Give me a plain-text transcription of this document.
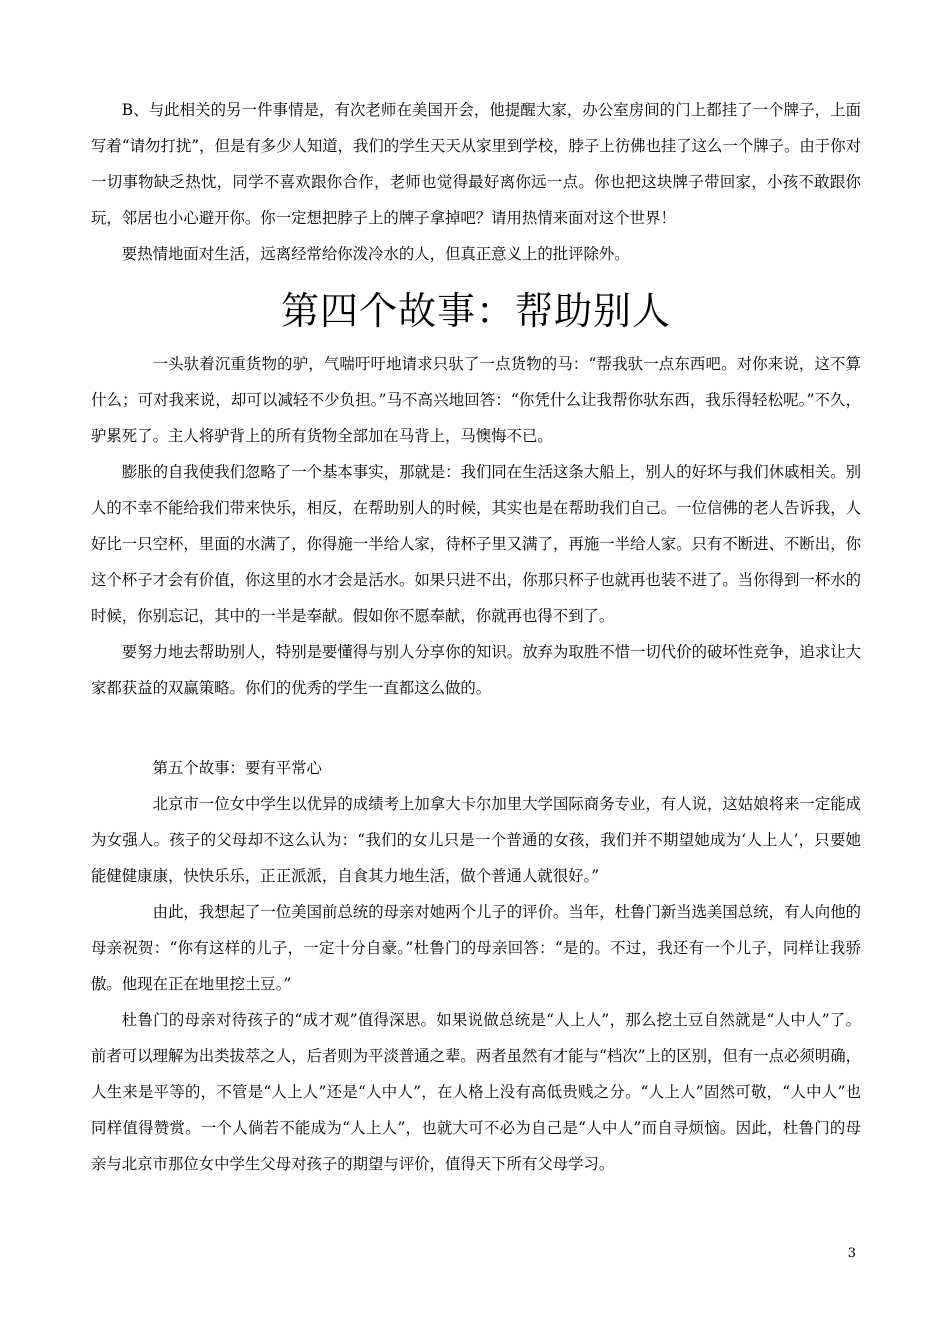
B、与此相关的另一件事情是，有次老师在美国开会，他提醒大家，办公室房间的门上都挂了一个牌子，上面写着“请勿打扰”，但是有多少人知道，我们的学生天天从家里到学校，脖子上彷佛也挂了这么一个牌子。由于你对一切事物缺乏热忱，同学不喜欢跟你合作，老师也觉得最好离你远一点。你也把这块牌子带回家，小孩不敢跟你玩，邻居也小心避开你。你一定想把脖子上的牌子拿掉吧？请用热情来面对这个世界！

要热情地面对生活，远离经常给你泼冷水的人，但真正意义上的批评除外。

第四个故事：帮助别人

一头驮着沉重货物的驴，气喘吁吁地请求只驮了一点货物的马：“帮我驮一点东西吧。对你来说，这不算什么；可对我来说，却可以减轻不少负担。”马不高兴地回答：“你凭什么让我帮你驮东西，我乐得轻松呢。”不久，驴累死了。主人将驴背上的所有货物全部加在马背上，马懊悔不已。

膨胀的自我使我们忽略了一个基本事实，那就是：我们同在生活这条大船上，别人的好坏与我们休戚相关。别人的不幸不能给我们带来快乐，相反，在帮助别人的时候，其实也是在帮助我们自己。一位信佛的老人告诉我，人好比一只空杯，里面的水满了，你得施一半给人家，待杯子里又满了，再施一半给人家。只有不断进、不断出，你这个杯子才会有价值，你这里的水才会是活水。如果只进不出，你那只杯子也就再也装不进了。当你得到一杯水的时候，你别忘记，其中的一半是奉献。假如你不愿奉献，你就再也得不到了。

要努力地去帮助别人，特别是要懂得与别人分享你的知识。放弃为取胜不惜一切代价的破坏性竞争，追求让大家都获益的双赢策略。你们的优秀的学生一直都这么做的。

第五个故事：要有平常心

北京市一位女中学生以优异的成绩考上加拿大卡尔加里大学国际商务专业，有人说，这姑娘将来一定能成为女强人。孩子的父母却不这么认为：“我们的女儿只是一个普通的女孩，我们并不期望她成为‘人上人’，只要她能健健康康，快快乐乐，正正派派，自食其力地生活，做个普通人就很好。”

由此，我想起了一位美国前总统的母亲对她两个儿子的评价。当年，杜鲁门新当选美国总统，有人向他的母亲祝贺：“你有这样的儿子，一定十分自豪。”杜鲁门的母亲回答：“是的。不过，我还有一个儿子，同样让我骄傲。他现在正在地里挖土豆。”

杜鲁门的母亲对待孩子的“成才观”值得深思。如果说做总统是“人上人”，那么挖土豆自然就是“人中人”了。前者可以理解为出类拔萃之人，后者则为平淡普通之辈。两者虽然有才能与“档次”上的区别，但有一点必须明确，人生来是平等的，不管是“人上人”还是“人中人”，在人格上没有高低贵贱之分。“人上人”固然可敬，“人中人”也同样值得赞赏。一个人倘若不能成为“人上人”，也就大可不必为自己是“人中人”而自寻烦恼。因此，杜鲁门的母亲与北京市那位女中学生父母对孩子的期望与评价，值得天下所有父母学习。

3
